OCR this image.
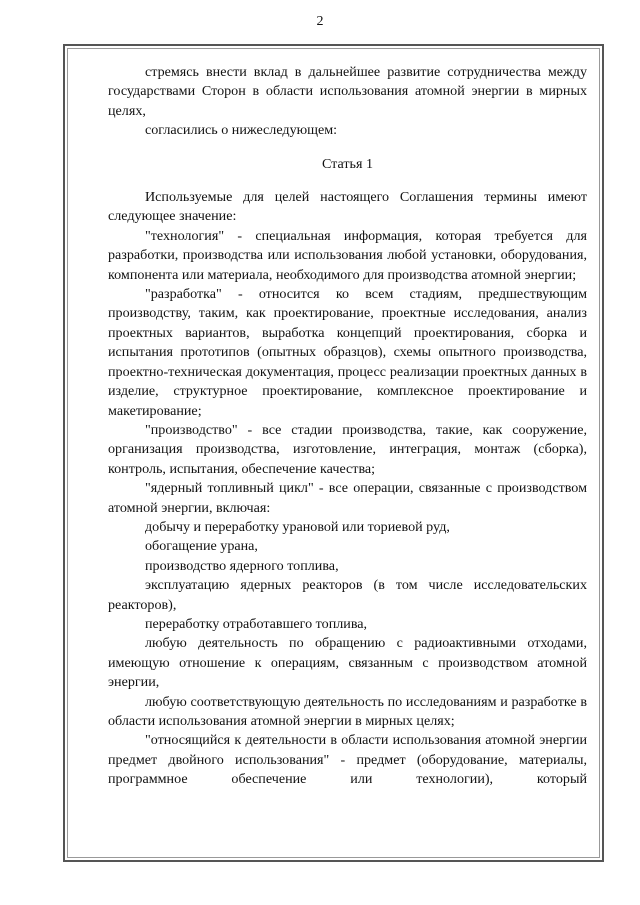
2

стремясь внести вклад в дальнейшее развитие сотрудничества между государствами Сторон в области использования атомной энергии в мирных целях,

согласились о нижеследующем:

Статья 1

Используемые для целей настоящего Соглашения термины имеют следующее значение:

"технология" - специальная информация, которая требуется для разработки, производства или использования любой установки, оборудования, компонента или материала, необходимого для производства атомной энергии;

"разработка" - относится ко всем стадиям, предшествующим производству, таким, как проектирование, проектные исследования, анализ проектных вариантов, выработка концепций проектирования, сборка и испытания прототипов (опытных образцов), схемы опытного производства, проектно-техническая документация, процесс реализации проектных данных в изделие, структурное проектирование, комплексное проектирование и макетирование;

"производство" - все стадии производства, такие, как сооружение, организация производства, изготовление, интеграция, монтаж (сборка), контроль, испытания, обеспечение качества;

"ядерный топливный цикл" - все операции, связанные с производством атомной энергии, включая:

добычу и переработку урановой или ториевой руд,

обогащение урана,

производство ядерного топлива,

эксплуатацию ядерных реакторов (в том числе исследовательских реакторов),

переработку отработавшего топлива,

любую деятельность по обращению с радиоактивными отходами, имеющую отношение к операциям, связанным с производством атомной энергии,

любую соответствующую деятельность по исследованиям и разработке в области использования атомной энергии в мирных целях;

"относящийся к деятельности в области использования атомной энергии предмет двойного использования" - предмет (оборудование, материалы, программное обеспечение или технологии), который
